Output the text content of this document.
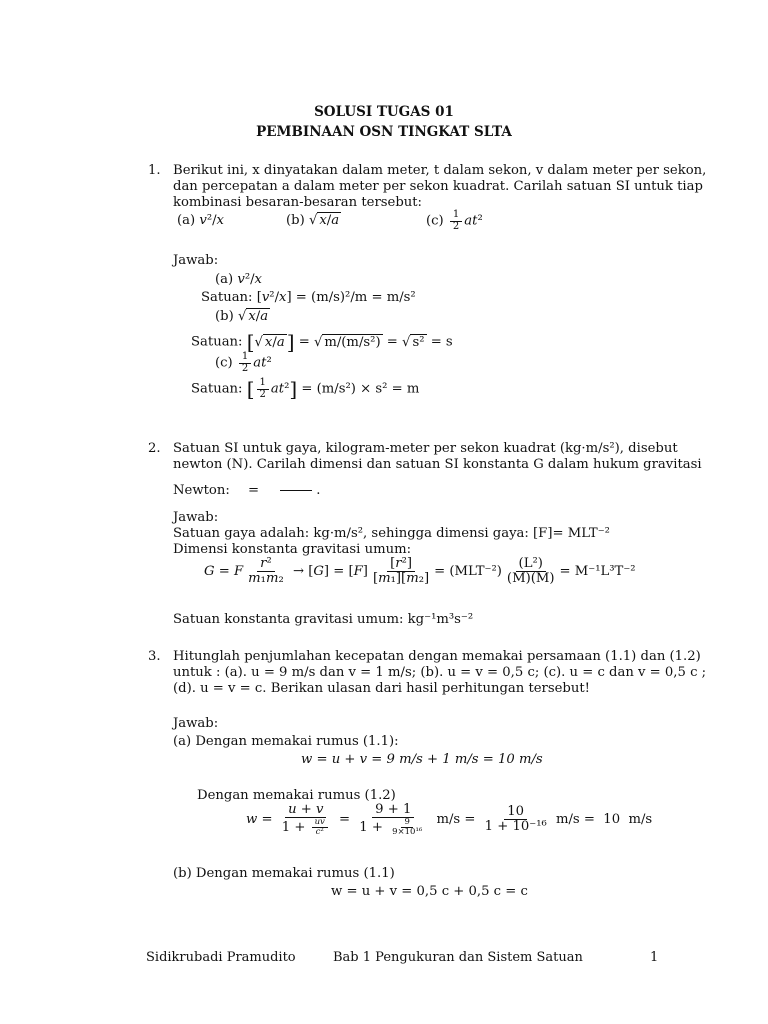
SOLUSI TUGAS 01
PEMBINAAN OSN TINGKAT SLTA
1. Berikut ini, x dinyatakan dalam meter, t dalam sekon, v dalam meter per sekon,
dan percepatan a dalam meter per sekon kuadrat. Carilah satuan SI untuk tiap
kombinasi besaran-besaran tersebut:
(a) v²/x	(b) √ x/a	$(c) \frac{1}{2} at^2$
Jawab:
(a) v²/x
Satuan: [v²/x] = (m/s)²/m = m/s²
(b) √ x/a
Satuan: [√ x/a ] = √ m/(m/s²) = √ s² = s
$(c) \frac{1}{2} at^2$
Satuan: [ $\frac{1}{2} at^2] = (m/s^2) \times s^2 = m$
2. Satuan SI untuk gaya, kilogram-meter per sekon kuadrat (kg·m/s²), disebut
newton (N). Carilah dimensi dan satuan SI konstanta G dalam hukum gravitasi
Newton: =      .
Jawab:
Satuan gaya adalah: kg·m/s², sehingga dimensi gaya: [F]= MLT⁻²
Dimensi konstanta gravitasi umum:
G = F $\frac{\text{r²}}{\text{m₁m₂}}$ → [ G ] = [ F ] $\frac{\text{[r²]}}{\text{[m₁][m₂]}} = (MLT^{-2}) \frac{\text{(L²)}}{(M)(M)} = M^{-1}L^3T^{-2}$
Satuan konstanta gravitasi umum: kg⁻¹m³s⁻²
3. Hitunglah penjumlahan kecepatan dengan memakai persamaan (1.1) dan (1.2)
untuk : (a). u = 9 m/s dan v = 1 m/s; (b). u = v = 0,5 c; (c). u = c dan v = 0,5 c ;
(d). u = v = c. Berikan ulasan dari hasil perhitungan tersebut!
Jawab:
(a) Dengan memakai rumus (1.1):
w = u + v = 9 m/s + 1 m/s = 10 m/s
Dengan memakai rumus (1.2)
$w = \frac{u + v}{1 + \frac{uv}{\text{c²}}} = \frac{9 + 1}{1 + \frac{9}{\text{9×10¹⁶}}} m/s = \frac{10}{\text{1 + 10⁻¹⁶}} m/s = 10$  m/s
(b) Dengan memakai rumus (1.1)
w = u + v = 0,5 c + 0,5 c = c
Sidikrubadi Pramudito	Bab 1 Pengukuran dan Sistem Satuan	1
